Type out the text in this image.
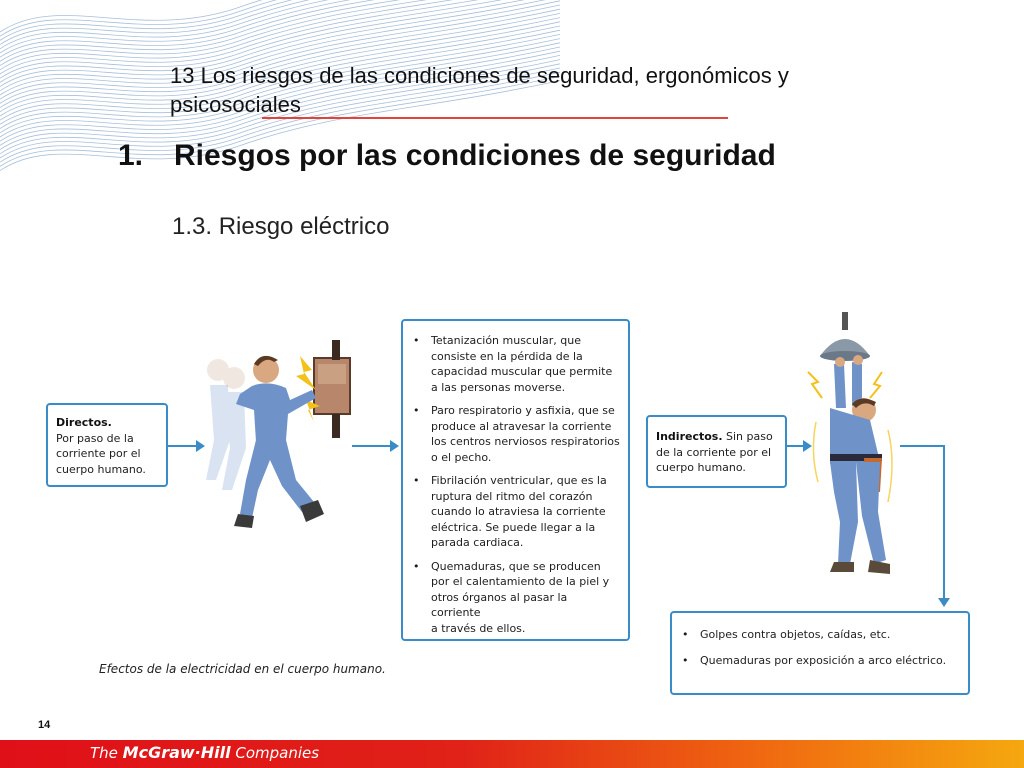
13 Los riesgos de las condiciones de seguridad, ergonómicos y
psicosociales
1. Riesgos por las condiciones de seguridad
1.3. Riesgo eléctrico
Directos.
Por paso de la
corriente por el
cuerpo humano.
•	Tetanización muscular, que
consiste en la pérdida de la
capacidad muscular que permite
a las personas moverse.
•	Paro respiratorio y asfixia, que se
produce al atravesar la corriente
los centros nerviosos respiratorios
o el pecho.
•	Fibrilación ventricular, que es la
ruptura del ritmo del corazón
cuando lo atraviesa la corriente
eléctrica. Se puede llegar a la
parada cardiaca.
•	Quemaduras, que se producen
por el calentamiento de la piel y
otros órganos al pasar la corriente
a través de ellos.
Indirectos. Sin paso
de la corriente por el
cuerpo humano.
•	Golpes contra objetos, caídas, etc.
•	Quemaduras por exposición a arco eléctrico.
Efectos de la electricidad en el cuerpo humano.
14
The McGraw·Hill Companies
